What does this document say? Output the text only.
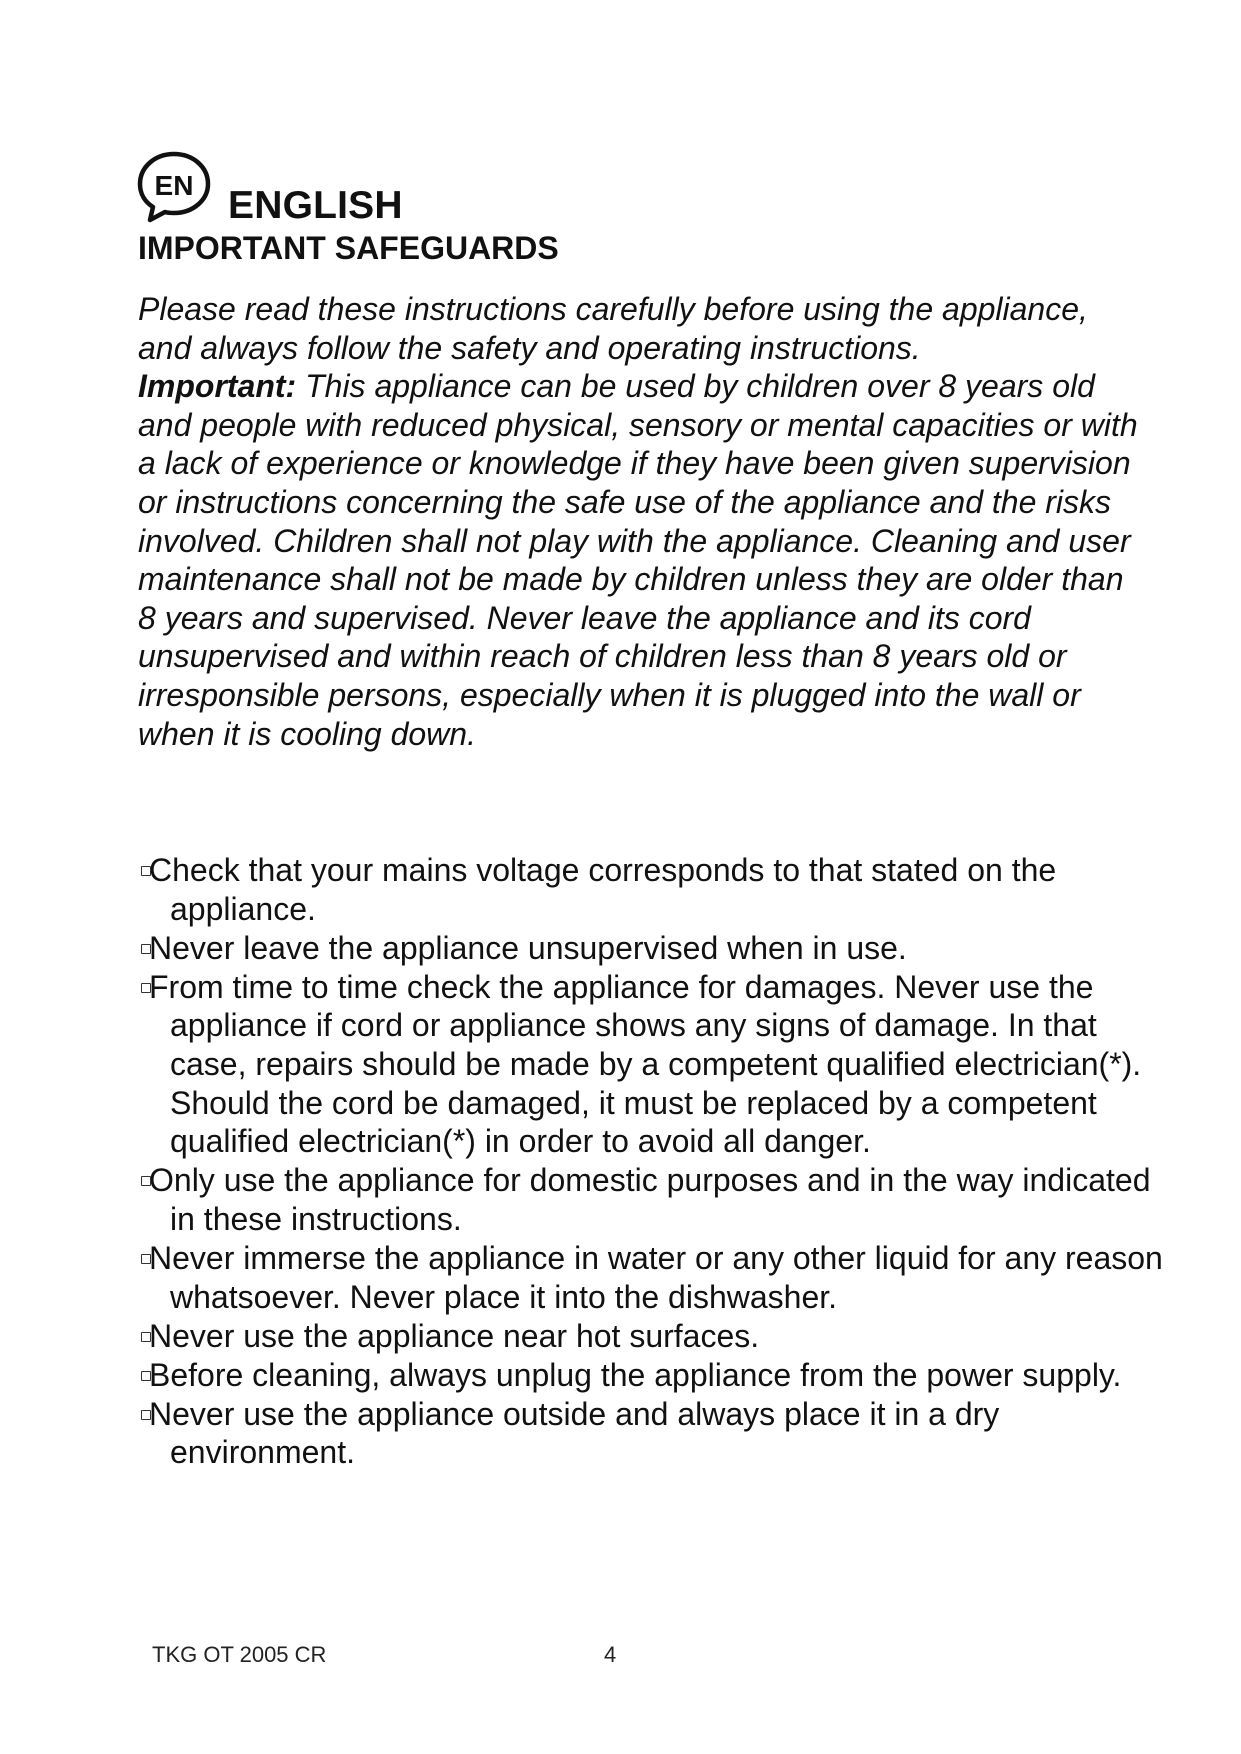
EN ENGLISH
IMPORTANT SAFEGUARDS

Please read these instructions carefully before using the appliance, and always follow the safety and operating instructions.

Important: This appliance can be used by children over 8 years old and people with reduced physical, sensory or mental capacities or with a lack of experience or knowledge if they have been given supervision or instructions concerning the safe use of the appliance and the risks involved. Children shall not play with the appliance. Cleaning and user maintenance shall not be made by children unless they are older than 8 years and supervised. Never leave the appliance and its cord unsupervised and within reach of children less than 8 years old or irresponsible persons, especially when it is plugged into the wall or when it is cooling down.

Check that your mains voltage corresponds to that stated on the appliance.
Never leave the appliance unsupervised when in use.
From time to time check the appliance for damages. Never use the appliance if cord or appliance shows any signs of damage. In that case, repairs should be made by a competent qualified electrician(*). Should the cord be damaged, it must be replaced by a competent qualified electrician(*) in order to avoid all danger.
Only use the appliance for domestic purposes and in the way indicated in these instructions.
Never immerse the appliance in water or any other liquid for any reason whatsoever. Never place it into the dishwasher.
Never use the appliance near hot surfaces.
Before cleaning, always unplug the appliance from the power supply.
Never use the appliance outside and always place it in a dry environment.
TKG OT 2005 CR	4
